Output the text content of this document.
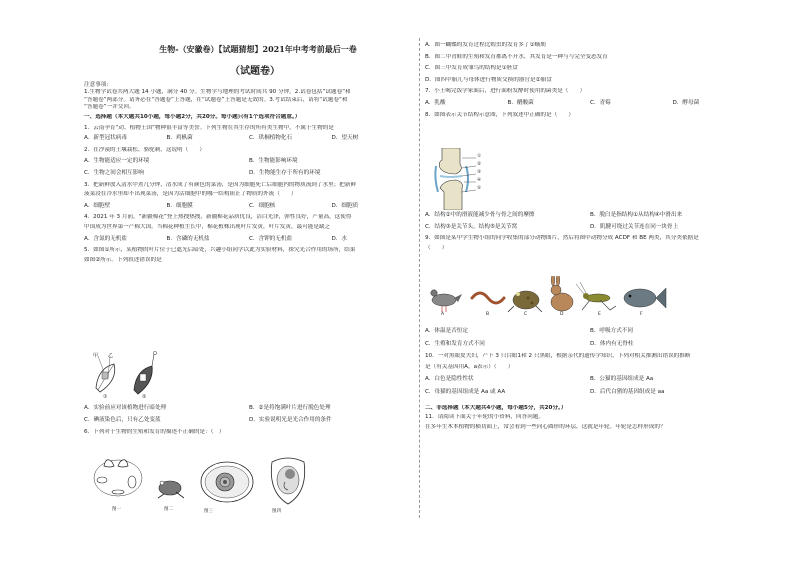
生物-（安徽卷）【试题猜想】2021年中考考前最后一卷
（试题卷）
注意事项:
1.生物学试卷共两大题 14 小题，满分 40 分。生物学与地理的考试时间共 90 分钟。2.试卷包括“试题卷”和
“答题卷”两部分。请务必在“答题卷”上答题，在“试题卷”上答题是无效的。3.考试结束后，请将“试题卷”和
“答题卷”一并交回。
一、选择题（本大题共10小题，每小题2分，共20分。每小题只有1个选项符合题意。）
1．云南孕育“动、植物王国”物种很丰富等美誉。下列生物在其生存的所有类生物中，不属于生物的是
A．新型冠状病毒	B．鸡枞菌	C．珙桐植物化石	D．望天树
2．在沙漠的土壤栽松、骆驼刺，这说明（　　）
A．生物能适应一定的环境	B．生物能影响环境
C．生物之间会相互影响	D．生物能生存于所有的环境
3．把新鲜放入清水中煮几分钟，清水成了有颜色的菜汤，是因为细胞死亡后细胞内的物质流到了水里；把新鲜
菠菜浸在冷水里却不出现菜汤，是因为活细胞中的哪一结构阻止了物质的外流（　　）
A．细胞壁	B．细胞膜	C．细胞核	D．细胞质
4．2021 年 3 月前，“新疆棉花”登上热搜热搜，新疆棉花品质优良，洁白光泽，弹性良好，产量高，这使得
中国成为世界第一产棉大国。当棉花种植生长中，棉花植株出现叶片发黄，叶片发黄，最可能是缺乏
A．含氮的无机盐	B．含磷的无机盐	C．含钾的无机盐	D．水
5．如图①所示，某植物的叶片位于已遮光后暗处，兴趣小组同学以此为实验材料，探究光合作用的场所，结果
如图②所示。下列叙述错误的是
甲 乙
①	②
A．实验前应对该植物进行暗处理	B．②是将饱满叶片进行脱色处理
C．碘液染色后，只有乙处变蓝	D．实验说明光是光合作用的条件
6．下列对于生物的生殖和发育的描述不正确的是：（　）
图一	图二	图三	图四
A．图一蝴蝶的发育过程比蝗虫的发育多了①蛹期
B．图二中青蛙的生殖和发育都离不开水，其发育是一种与与完全变态发育
C．图三中发育成雏鸟的结构是①胚盘
D．图四中胎儿与母体进行物质交换的器官是②胎盘
7．小王喝完饭学家面后，进行面粉发酵时使用的菌类是（　　）
A．乳酸	B．醋酸菌	C．青霉	D．酵母菌
8．如图表示关节结构示意图，下列叙述中正确的是（　　）
①
②
③
④
⑤
A．结构②中的滑液能减少骨与骨之间的摩擦	B．脱臼是指结构①从结构④中滑出来
C．结构③是关节头，结构⑤是关节窝	D．肌腱可绕过关节连在同一块骨上
9．如图是某中学生物小组的同学收集的部分动物图片，然后将图中动物分成 ACDF 和 BE 两类，其分类依据是
（　　）
A	B	C	D	E	F
A．体温是否恒定	B．呼吸方式不同
C．生殖和发育方式不同	D．体内有无脊柱
10．一对黑眼皮夫妇，产下 3 只白眼1和 2 只黑眼，根据亲代的遗传学知识，下列对相关推测出错误的推断
是（有关基因用A，a表示）（　　）
A．白色是隐性性状	B．公猫的基因组成是 Aa
C．母猫的基因组成是 Aa 或 AA	D．后代白猪的基因组成是 aa
二、非选择题（本大题共4小题，每小题5分，共20分。）
11．请阅读下面关于年轮的小资料，回答问题。
在多年生木本植物的横切面上，常会看到一些同心圆形的环层，这就是年轮。年轮是怎样形成的？
